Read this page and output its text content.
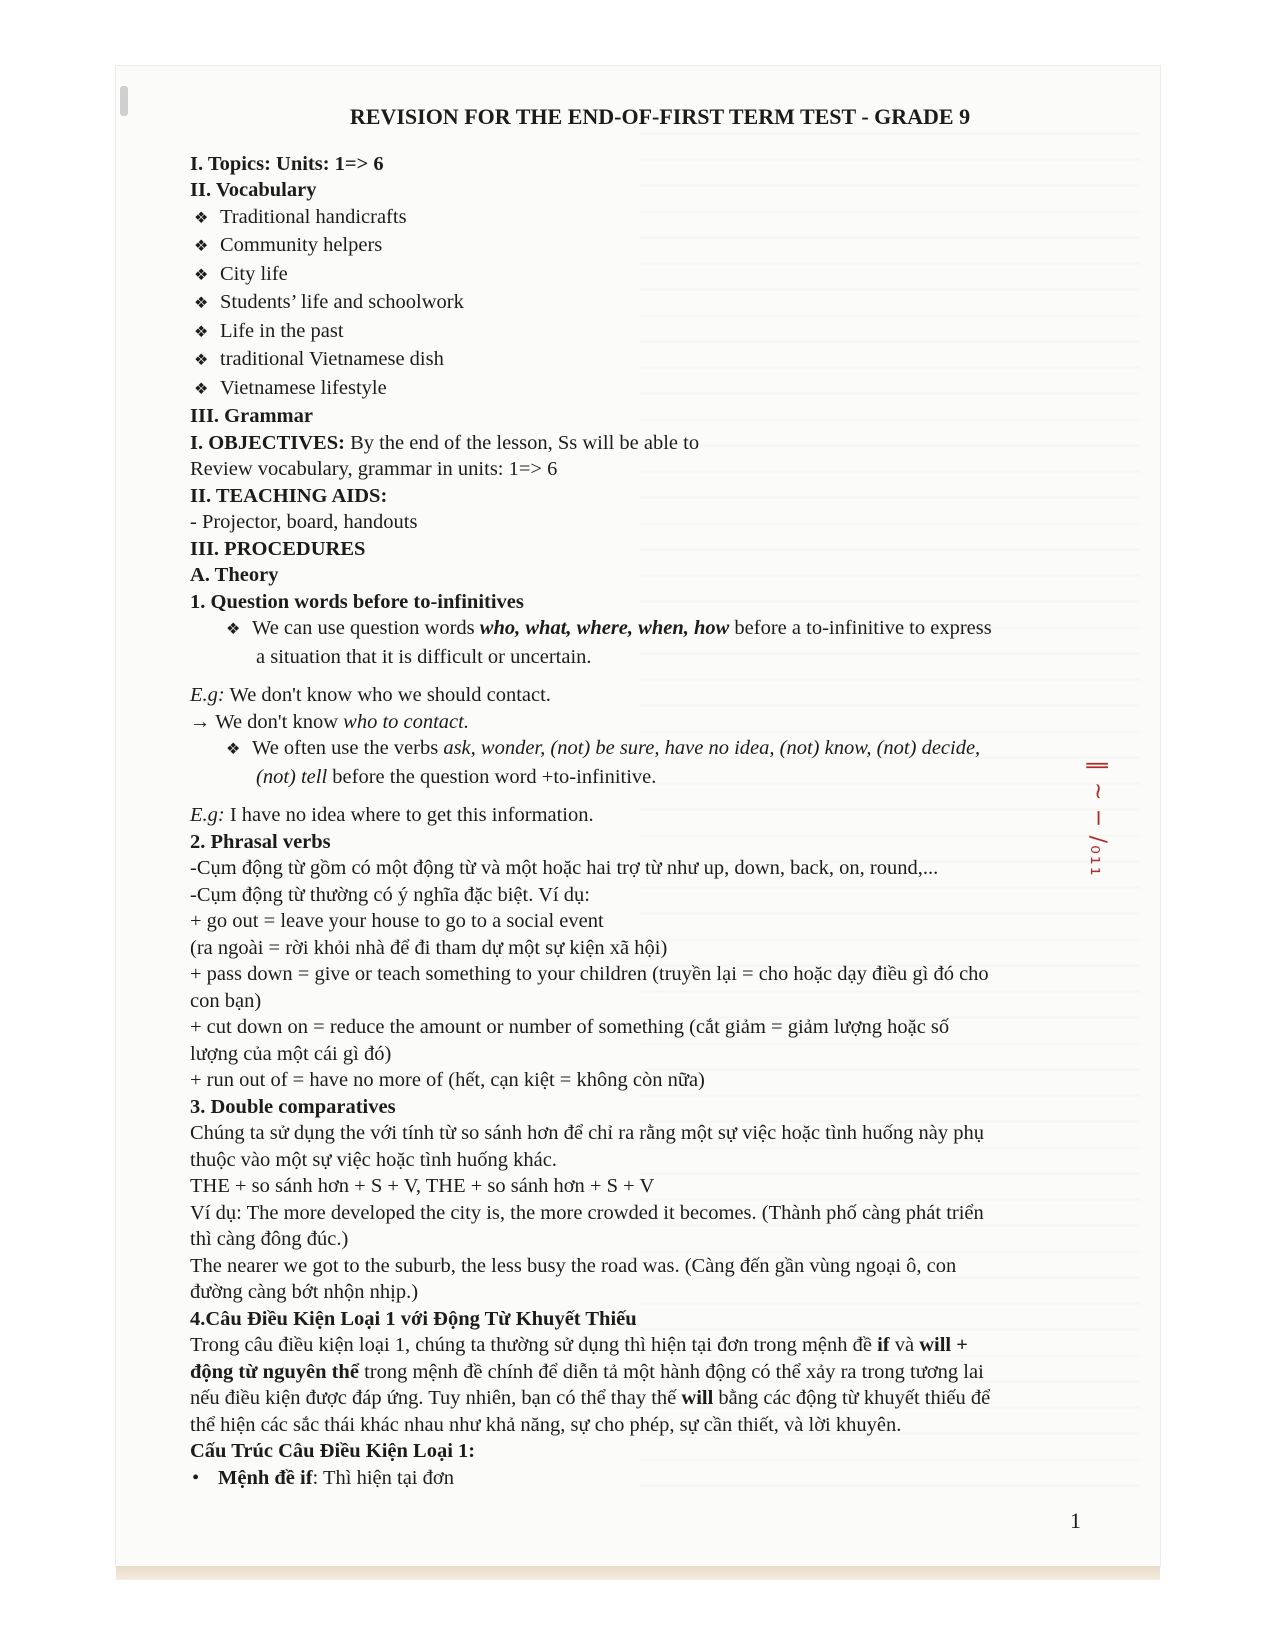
REVISION FOR THE END-OF-FIRST TERM TEST - GRADE 9

I. Topics: Units: 1=> 6

II. Vocabulary

❖ Traditional handicrafts

❖ Community helpers

❖ City life

❖ Students’ life and schoolwork

❖ Life in the past

❖ traditional Vietnamese dish

❖ Vietnamese lifestyle

III. Grammar

I. OBJECTIVES: By the end of the lesson, Ss will be able to

Review vocabulary, grammar in units: 1=> 6

II. TEACHING AIDS:

- Projector, board, handouts

III. PROCEDURES

A. Theory

1. Question words before to-infinitives

❖ We can use question words who, what, where, when, how before a to-infinitive to express

a situation that it is difficult or uncertain.

E.g: We don't know who we should contact.

→ We don't know who to contact.

❖ We often use the verbs ask, wonder, (not) be sure, have no idea, (not) know, (not) decide,

(not) tell before the question word +to-infinitive.

E.g: I have no idea where to get this information.

2. Phrasal verbs

-Cụm động từ gồm có một động từ và một hoặc hai trợ từ như up, down, back, on, round,...

-Cụm động từ thường có ý nghĩa đặc biệt. Ví dụ:

+ go out = leave your house to go to a social event

(ra ngoài = rời khỏi nhà để đi tham dự một sự kiện xã hội)

+ pass down = give or teach something to your children (truyền lại = cho hoặc dạy điều gì đó cho

con bạn)

+ cut down on = reduce the amount or number of something (cắt giảm = giảm lượng hoặc số

lượng của một cái gì đó)

+ run out of = have no more of (hết, cạn kiệt = không còn nữa)

3. Double comparatives

Chúng ta sử dụng the với tính từ so sánh hơn để chỉ ra rằng một sự việc hoặc tình huống này phụ

thuộc vào một sự việc hoặc tình huống khác.

THE + so sánh hơn + S + V, THE + so sánh hơn + S + V

Ví dụ: The more developed the city is, the more crowded it becomes. (Thành phố càng phát triển

thì càng đông đúc.)

The nearer we got to the suburb, the less busy the road was. (Càng đến gần vùng ngoại ô, con

đường càng bớt nhộn nhịp.)

4.Câu Điều Kiện Loại 1 với Động Từ Khuyết Thiếu

Trong câu điều kiện loại 1, chúng ta thường sử dụng thì hiện tại đơn trong mệnh đề if và will +

động từ nguyên thể trong mệnh đề chính để diễn tả một hành động có thể xảy ra trong tương lai

nếu điều kiện được đáp ứng. Tuy nhiên, bạn có thể thay thế will bằng các động từ khuyết thiếu để

thể hiện các sắc thái khác nhau như khả năng, sự cho phép, sự cần thiết, và lời khuyên.

Cấu Trúc Câu Điều Kiện Loại 1:

• Mệnh đề if: Thì hiện tại đơn

1
∥ ~ ─ /₀₁₁
